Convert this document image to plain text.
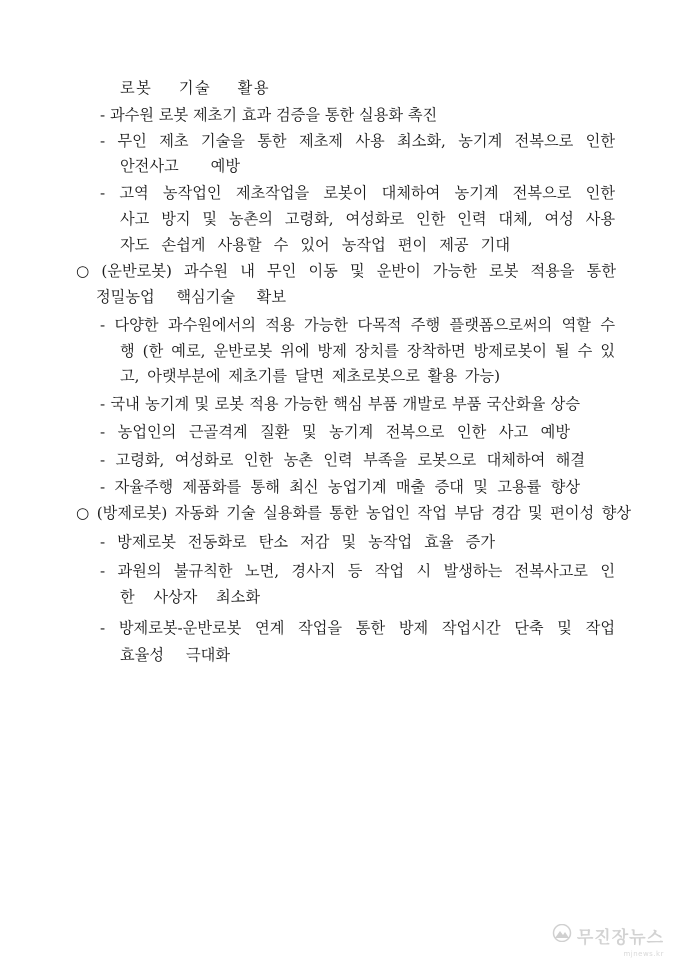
로봇 기술 활용
- 과수원 로봇 제초기 효과 검증을 통한 실용화 촉진
- 무인 제초 기술을 통한 제초제 사용 최소화, 농기계 전복으로 인한
안전사고 예방
- 고역 농작업인 제초작업을 로봇이 대체하여 농기계 전복으로 인한
사고 방지 및 농촌의 고령화, 여성화로 인한 인력 대체, 여성 사용
자도 손쉽게 사용할 수 있어 농작업 편이 제공 기대
○ (운반로봇) 과수원 내 무인 이동 및 운반이 가능한 로봇 적용을 통한
정밀농업 핵심기술 확보
- 다양한 과수원에서의 적용 가능한 다목적 주행 플랫폼으로써의 역할 수
행 (한 예로, 운반로봇 위에 방제 장치를 장착하면 방제로봇이 될 수 있
고, 아랫부분에 제초기를 달면 제초로봇으로 활용 가능)
- 국내 농기계 및 로봇 적용 가능한 핵심 부품 개발로 부품 국산화율 상승
- 농업인의 근골격계 질환 및 농기계 전복으로 인한 사고 예방
- 고령화, 여성화로 인한 농촌 인력 부족을 로봇으로 대체하여 해결
- 자율주행 제품화를 통해 최신 농업기계 매출 증대 및 고용률 향상
○ (방제로봇) 자동화 기술 실용화를 통한 농업인 작업 부담 경감 및 편이성 향상
- 방제로봇 전동화로 탄소 저감 및 농작업 효율 증가
- 과원의 불규칙한 노면, 경사지 등 작업 시 발생하는 전복사고로 인
한 사상자 최소화
- 방제로봇-운반로봇 연계 작업을 통한 방제 작업시간 단축 및 작업
효율성 극대화
무진장뉴스
mjnews.kr
